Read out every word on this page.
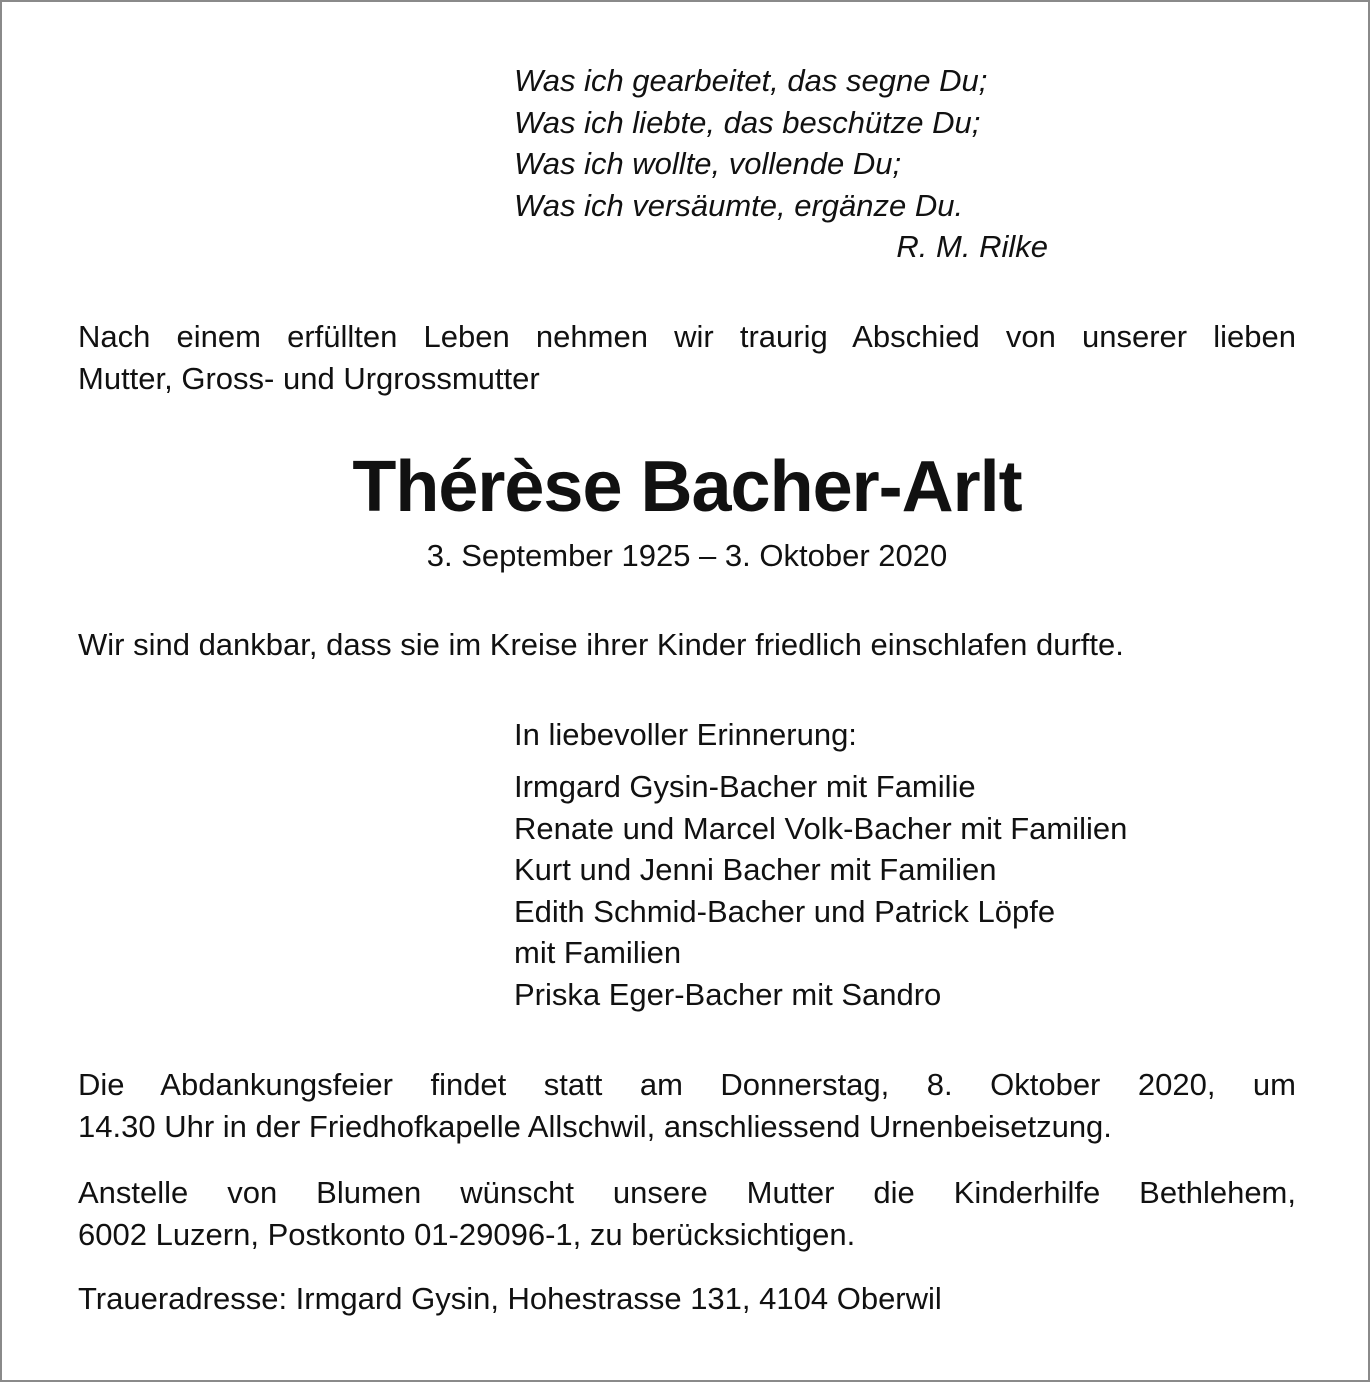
Was ich gearbeitet, das segne Du;
Was ich liebte, das beschütze Du;
Was ich wollte, vollende Du;
Was ich versäumte, ergänze Du.
R. M. Rilke
Nach einem erfüllten Leben nehmen wir traurig Abschied von unserer lieben
Mutter, Gross- und Urgrossmutter
Thérèse Bacher-Arlt
3. September 1925 – 3. Oktober 2020
Wir sind dankbar, dass sie im Kreise ihrer Kinder friedlich einschlafen durfte.
In liebevoller Erinnerung:
Irmgard Gysin-Bacher mit Familie
Renate und Marcel Volk-Bacher mit Familien
Kurt und Jenni Bacher mit Familien
Edith Schmid-Bacher und Patrick Löpfe
mit Familien
Priska Eger-Bacher mit Sandro
Die Abdankungsfeier findet statt am Donnerstag, 8. Oktober 2020, um
14.30 Uhr in der Friedhofkapelle Allschwil, anschliessend Urnenbeisetzung.
Anstelle von Blumen wünscht unsere Mutter die Kinderhilfe Bethlehem,
6002 Luzern, Postkonto 01-29096-1, zu berücksichtigen.
Traueradresse: Irmgard Gysin, Hohestrasse 131, 4104 Oberwil
